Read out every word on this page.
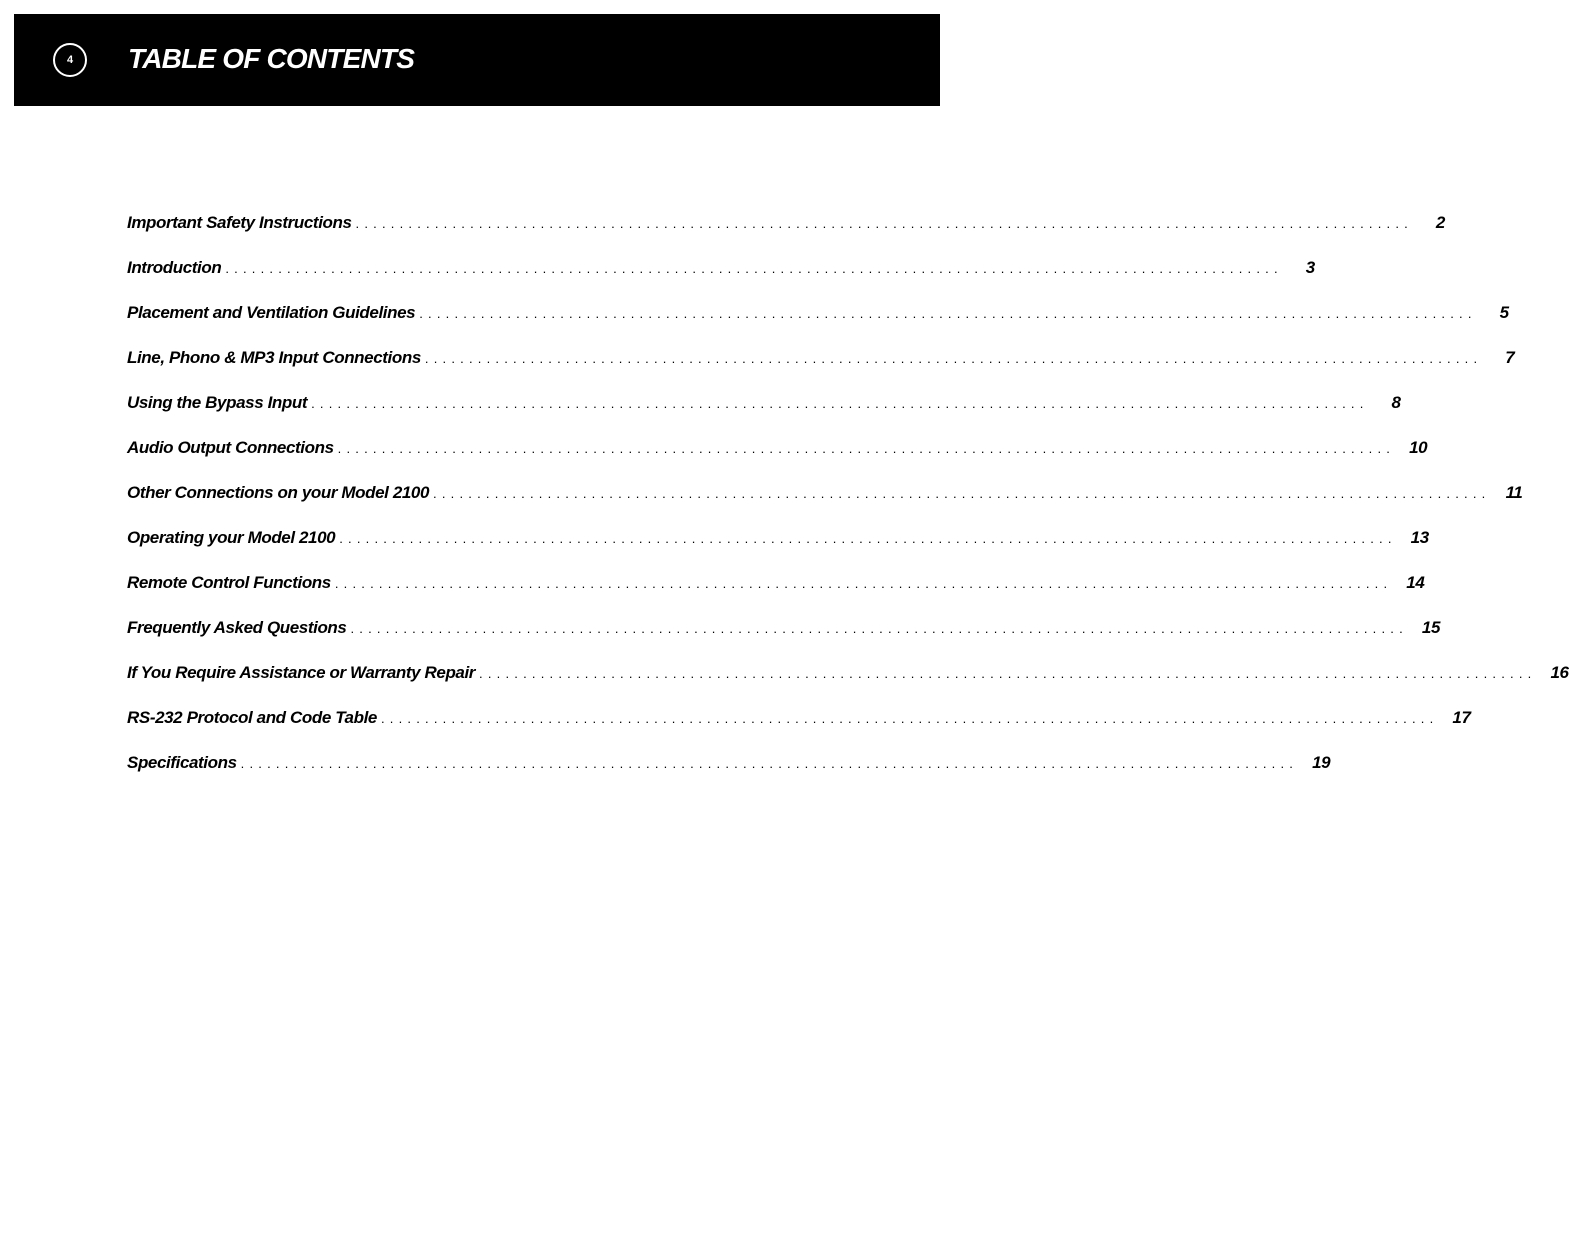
4	TABLE OF CONTENTS
Important Safety Instructions ........................................................................................................................	2
Introduction ........................................................................................................................	3
Placement and Ventilation Guidelines ........................................................................................................................	5
Line, Phono & MP3 Input Connections ........................................................................................................................	7
Using the Bypass Input ........................................................................................................................	8
Audio Output Connections ........................................................................................................................ 10
Other Connections on your Model 2100 ........................................................................................................................ 11
Operating your Model 2100 ........................................................................................................................ 13
Remote Control Functions ........................................................................................................................ 14
Frequently Asked Questions ........................................................................................................................ 15
If You Require Assistance or Warranty Repair ........................................................................................................................ 16
RS-232 Protocol and Code Table ........................................................................................................................ 17
Specifications ........................................................................................................................ 19
